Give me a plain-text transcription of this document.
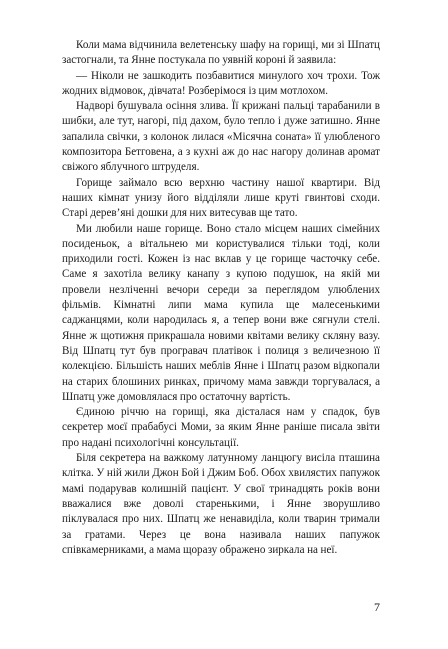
Коли мама відчинила велетенську шафу на горищі, ми зі Шпатц застогнали, та Янне постукала по уявній короні й заявила:

— Ніколи не зашкодить позбавитися минулого хоч трохи. Тож жодних відмовок, дівчата! Розберімося із цим мотлохом.

Надворі бушувала осіння злива. Її крижані пальці тарабанили в шибки, але тут, нагорі, під дахом, було тепло і дуже затишно. Янне запалила свічки, з колонок лилася «Місячна соната» її улюбленого композитора Бетговена, а з кухні аж до нас нагору долинав аромат свіжого яблучного штруделя.

Горище займало всю верхню частину нашої квартири. Від наших кімнат унизу його відділяли лише круті гвинтові сходи. Старі дерев’яні дошки для них витесував ще тато.

Ми любили наше горище. Воно стало місцем наших сімейних посиденьок, а вітальнею ми користувалися тільки тоді, коли приходили гості. Кожен із нас вклав у це горище часточку себе. Саме я захотіла велику канапу з купою подушок, на якій ми провели незліченні вечори середи за переглядом улюблених фільмів. Кімнатні липи мама купила ще малесенькими саджанцями, коли народилась я, а тепер вони вже сягнули стелі. Янне ж щотижня прикрашала новими квітами велику скляну вазу. Від Шпатц тут був програвач платівок і полиця з величезною її колекцією. Більшість наших меблів Янне і Шпатц разом відкопали на старих блошиних ринках, причому мама завжди торгувалася, а Шпатц уже домовлялася про остаточну вартість.

Єдиною річчю на горищі, яка дісталася нам у спадок, був секретер моєї прабабусі Моми, за яким Янне раніше писала звіти про надані психологічні консультації.

Біля секретера на важкому латунному ланцюгу висіла пташина клітка. У ній жили Джон Бой і Джим Боб. Обох хвилястих папужок мамі подарував колишній пацієнт. У свої тринадцять років вони вважалися вже доволі старенькими, і Янне зворушливо піклувалася про них. Шпатц же ненавиділа, коли тварин тримали за гратами. Через це вона називала наших папужок співкамерниками, а мама щоразу ображено зиркала на неї.

7
